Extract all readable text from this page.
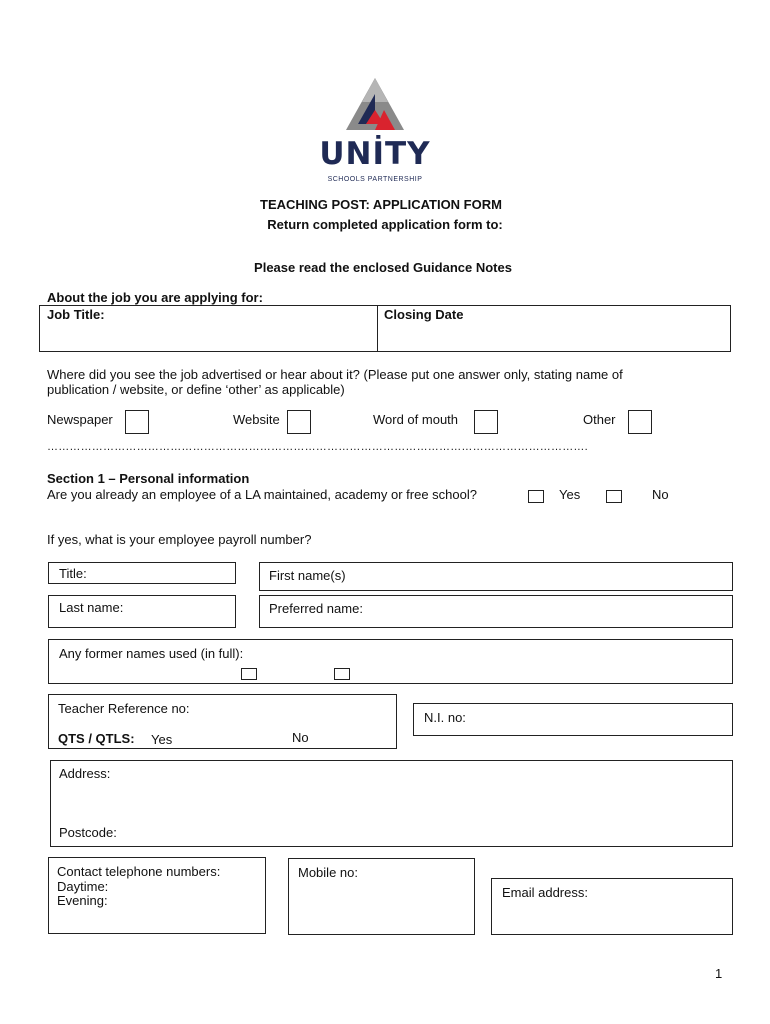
UNİTY
SCHOOLS PARTNERSHIP
TEACHING POST: APPLICATION FORM
Return completed application form to:
Please read the enclosed Guidance Notes
About the job you are applying for:
Job Title:	Closing Date
Where did you see the job advertised or hear about it? (Please put one answer only, stating name of
publication / website, or define ‘other’ as applicable)
Newspaper	Website	Word of mouth	Other
……………………………………………………………………………………………………………………………….
Section 1 – Personal information
Are you already an employee of a LA maintained, academy or free school?	Yes	No
If yes, what is your employee payroll number?
Title:	First name(s)
Last name:	Preferred name:
Any former names used (in full):
Teacher Reference no:
QTS / QTLS: Yes	No
N.I. no:
Address:
Postcode:
Contact telephone numbers:
Daytime:
Evening:
Mobile no:
Email address:
1
